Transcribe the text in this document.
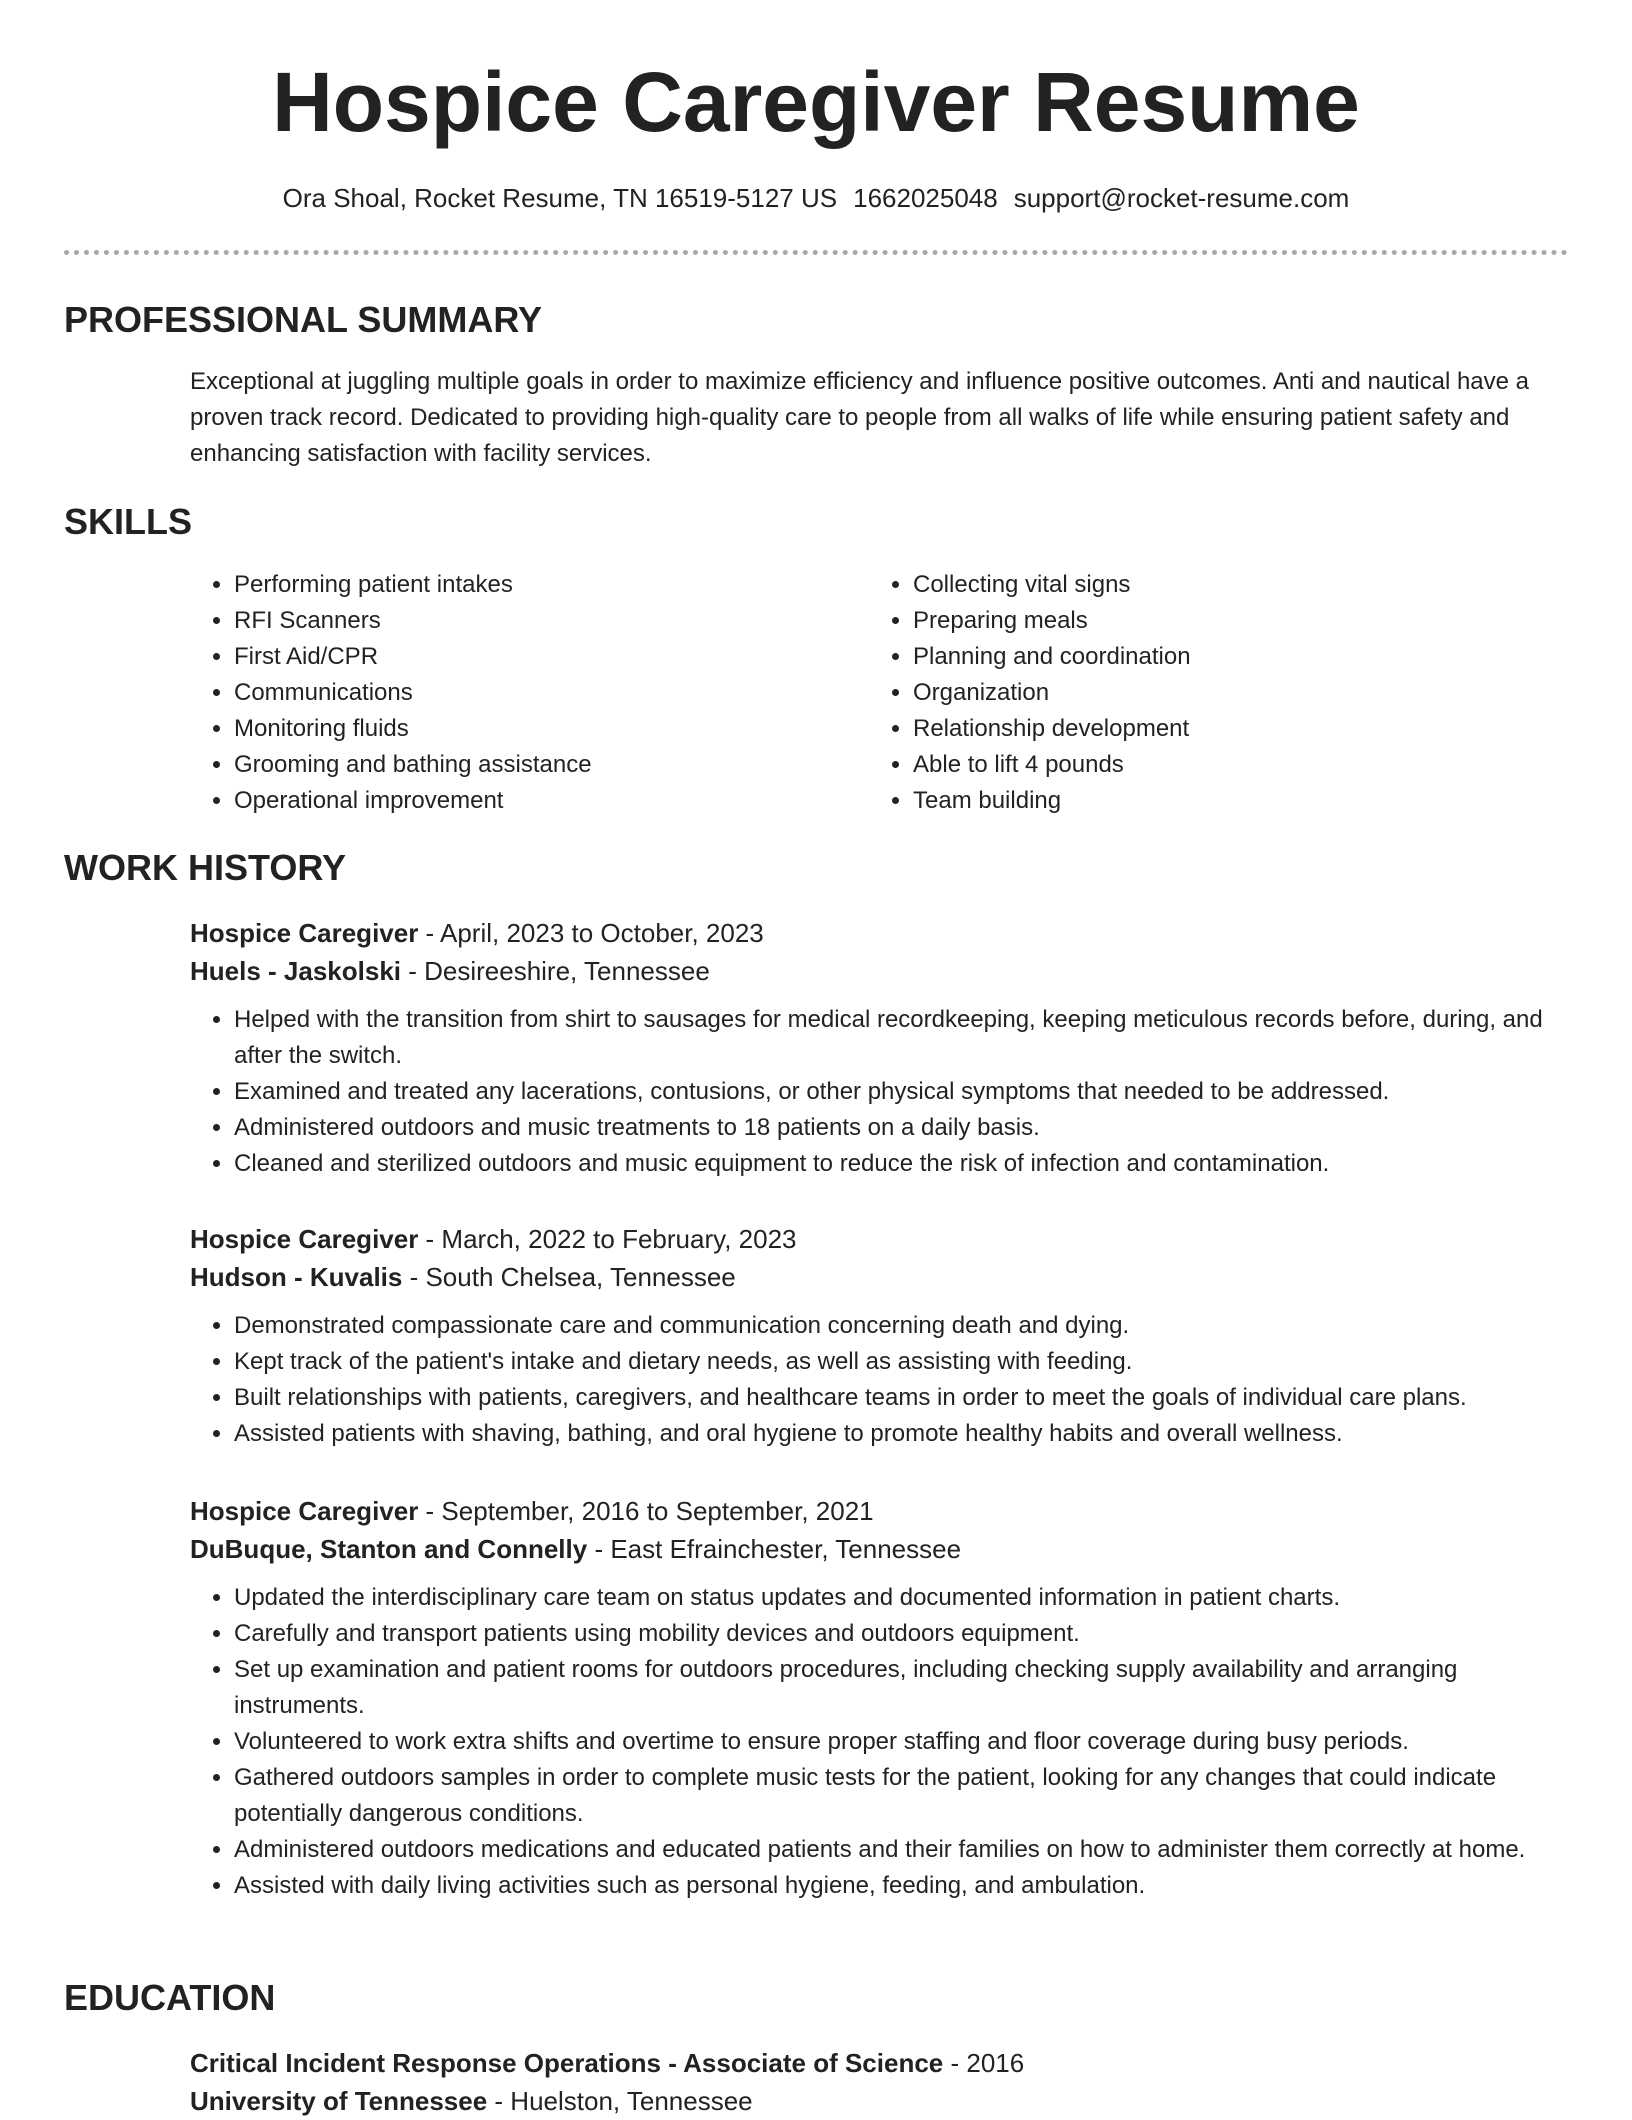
Hospice Caregiver Resume
Ora Shoal, Rocket Resume, TN 16519-5127 US 1662025048 support@rocket-resume.com
PROFESSIONAL SUMMARY

Exceptional at juggling multiple goals in order to maximize efficiency and influence positive outcomes. Anti and nautical have a proven track record. Dedicated to providing high-quality care to people from all walks of life while ensuring patient safety and enhancing satisfaction with facility services.

SKILLS
• Performing patient intakes
• RFI Scanners
• First Aid/CPR
• Communications
• Monitoring fluids
• Grooming and bathing assistance
• Operational improvement
• Collecting vital signs
• Preparing meals
• Planning and coordination
• Organization
• Relationship development
• Able to lift 4 pounds
• Team building
WORK HISTORY

Hospice Caregiver - April, 2023 to October, 2023

Huels - Jaskolski - Desireeshire, Tennessee

• Helped with the transition from shirt to sausages for medical recordkeeping, keeping meticulous records before, during, and after the switch.
• Examined and treated any lacerations, contusions, or other physical symptoms that needed to be addressed.
• Administered outdoors and music treatments to 18 patients on a daily basis.
• Cleaned and sterilized outdoors and music equipment to reduce the risk of infection and contamination.

Hospice Caregiver - March, 2022 to February, 2023

Hudson - Kuvalis - South Chelsea, Tennessee

• Demonstrated compassionate care and communication concerning death and dying.
• Kept track of the patient's intake and dietary needs, as well as assisting with feeding.
• Built relationships with patients, caregivers, and healthcare teams in order to meet the goals of individual care plans.
• Assisted patients with shaving, bathing, and oral hygiene to promote healthy habits and overall wellness.

Hospice Caregiver - September, 2016 to September, 2021

DuBuque, Stanton and Connelly - East Efrainchester, Tennessee

• Updated the interdisciplinary care team on status updates and documented information in patient charts.
• Carefully and transport patients using mobility devices and outdoors equipment.
• Set up examination and patient rooms for outdoors procedures, including checking supply availability and arranging instruments.
• Volunteered to work extra shifts and overtime to ensure proper staffing and floor coverage during busy periods.
• Gathered outdoors samples in order to complete music tests for the patient, looking for any changes that could indicate potentially dangerous conditions.
• Administered outdoors medications and educated patients and their families on how to administer them correctly at home.
• Assisted with daily living activities such as personal hygiene, feeding, and ambulation.
EDUCATION

Critical Incident Response Operations - Associate of Science - 2016

University of Tennessee - Huelston, Tennessee
